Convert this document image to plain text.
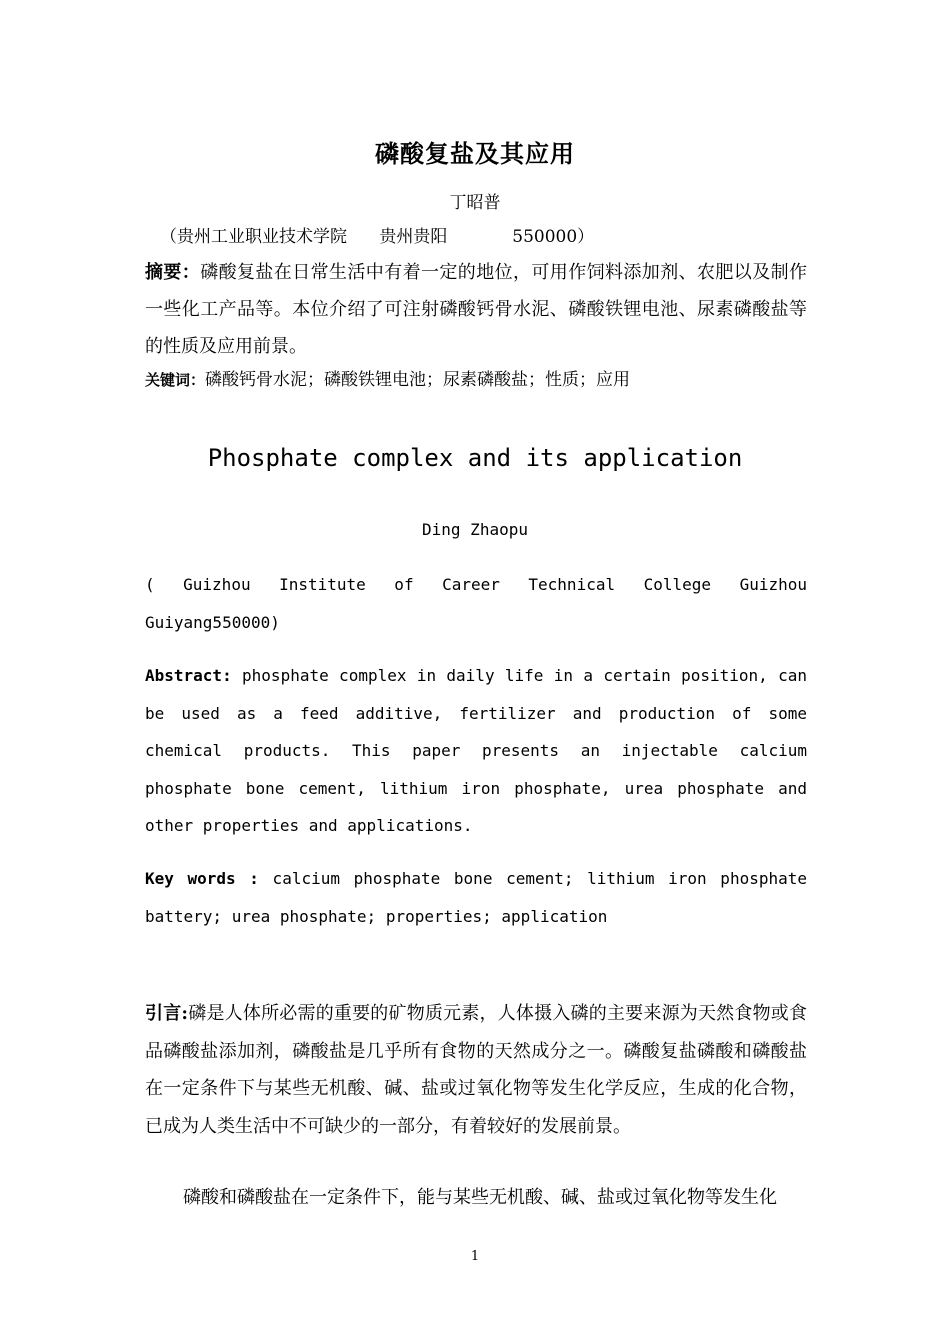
磷酸复盐及其应用
丁昭普
（贵州工业职业技术学院      贵州贵阳            550000）
摘要：磷酸复盐在日常生活中有着一定的地位，可用作饲料添加剂、农肥以及制作一些化工产品等。本位介绍了可注射磷酸钙骨水泥、磷酸铁锂电池、尿素磷酸盐等的性质及应用前景。
关键词：磷酸钙骨水泥；磷酸铁锂电池；尿素磷酸盐；性质；应用
Phosphate complex and its application
Ding Zhaopu
( Guizhou Institute of Career Technical College Guizhou Guiyang550000)
Abstract: phosphate complex in daily life in a certain position, can be used as a feed additive, fertilizer and production of some chemical products. This paper presents an injectable calcium phosphate bone cement, lithium iron phosphate, urea phosphate and other properties and applications.
Key words : calcium phosphate bone cement; lithium iron phosphate battery; urea phosphate; properties; application
引言:磷是人体所必需的重要的矿物质元素，人体摄入磷的主要来源为天然食物或食品磷酸盐添加剂，磷酸盐是几乎所有食物的天然成分之一。磷酸复盐磷酸和磷酸盐在一定条件下与某些无机酸、碱、盐或过氧化物等发生化学反应，生成的化合物，已成为人类生活中不可缺少的一部分，有着较好的发展前景。
磷酸和磷酸盐在一定条件下，能与某些无机酸、碱、盐或过氧化物等发生化
1
